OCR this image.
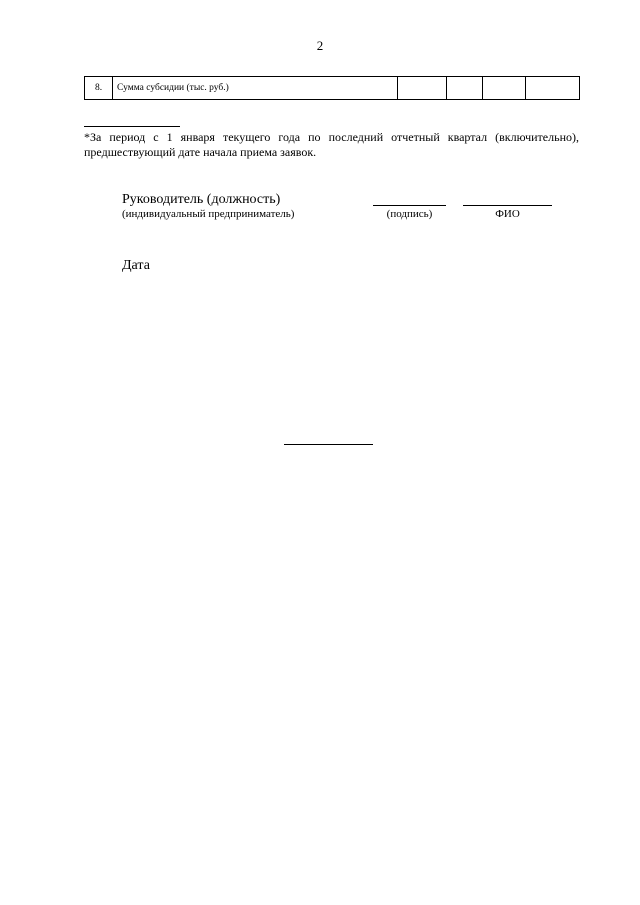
2
8.	Сумма субсидии (тыс. руб.)				
*За период с 1 января текущего года по последний отчетный квартал (включительно), предшествующий дате начала приема заявок.
Руководитель (должность)
(индивидуальный предприниматель)	(подпись)	ФИО
Дата
